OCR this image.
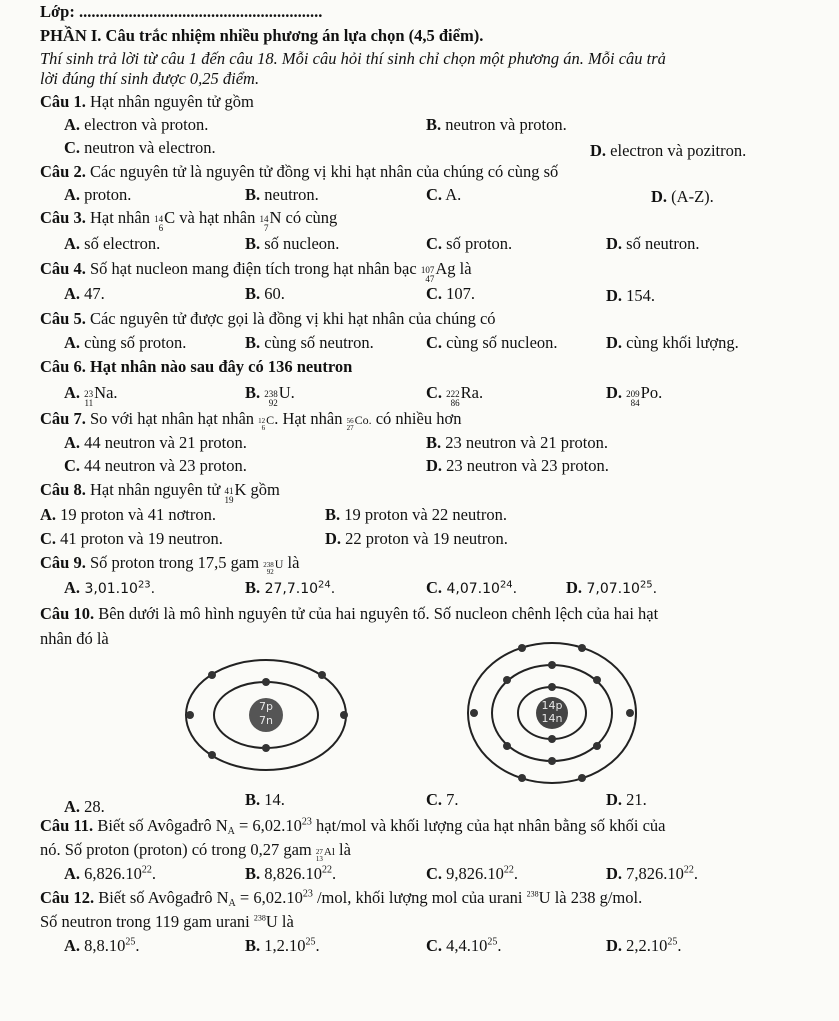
Lớp: ...........................................................
PHẦN I. Câu trắc nhiệm nhiều phương án lựa chọn (4,5 điểm).
Thí sinh trả lời từ câu 1 đến câu 18. Mỗi câu hỏi thí sinh chỉ chọn một phương án. Mỗi câu trả
lời đúng thí sinh được 0,25 điểm.
Câu 1. Hạt nhân nguyên tử gồm
A. electron và proton.	B. neutron và proton.
C. neutron và electron.	D. electron và pozitron.
Câu 2. Các nguyên tử là nguyên tử đồng vị khi hạt nhân của chúng có cùng số
A. proton.	B. neutron.	C. A.	D. (A-Z).
Câu 3. Hạt nhân 14
6
C và hạt nhân 14
7
N có cùng
A. số electron.	B. số nucleon.	C. số proton.	D. số neutron.
Câu 4. Số hạt nucleon mang điện tích trong hạt nhân bạc 107
47
Ag là
A. 47.	B. 60.	C. 107.	D. 154.
Câu 5. Các nguyên tử được gọi là đồng vị khi hạt nhân của chúng có
A. cùng số proton.	B. cùng số neutron.	C. cùng số nucleon.	D. cùng khối lượng.
Câu 6. Hạt nhân nào sau đây có 136 neutron
A. 23
11
Na.	B. 238
92
U.	C. 222
86
Ra.	D. 209
84
Po.
Câu 7. So với hạt nhân hạt nhân 12
6
C . Hạt nhân 56
27
Co. có nhiều hơn
A. 44 neutron và 21 proton.	B. 23 neutron và 21 proton.
C. 44 neutron và 23 proton.	D. 23 neutron và 23 proton.
Câu 8. Hạt nhân nguyên tử 41
19
K gồm
A. 19 proton và 41 nơtron.	B. 19 proton và 22 neutron.
C. 41 proton và 19 neutron.	D. 22 proton và 19 neutron.
Câu 9. Số proton trong 17,5 gam 238
92
U là
A. 3,01.10$^{23}$.	B. 27,7.10$^{24}$.	C. 4,07.10$^{24}$.	D. 7,07.10$^{25}$.
Câu 10. Bên dưới là mô hình nguyên tử của hai nguyên tố. Số nucleon chênh lệch của hai hạt
nhân đó là
7p
7n
14p
14n
A. 28.	B. 14.	C. 7.	D. 21.
Câu 11. Biết số Avôgađrô $N_A = 6,02.10^{23}$ hạt/mol và khối lượng của hạt nhân bằng số khối của
nó. Số proton (proton) có trong 0,27 gam 27
13
Al là
A. 6,826.10$^{22}$.	B. 8,826.10$^{22}$.	C. 9,826.10$^{22}$.	D. 7,826.10$^{22}$.
Câu 12. Biết số Avôgađrô $N_A = 6,02.10^{23}$ /mol, khối lượng mol của urani $^{238}$U là 238 g/mol.
Số neutron trong 119 gam urani $^{238}$U là
A. 8,8.10$^{25}$.	B. 1,2.10$^{25}$.	C. 4,4.10$^{25}$.	D. 2,2.10$^{25}$.
